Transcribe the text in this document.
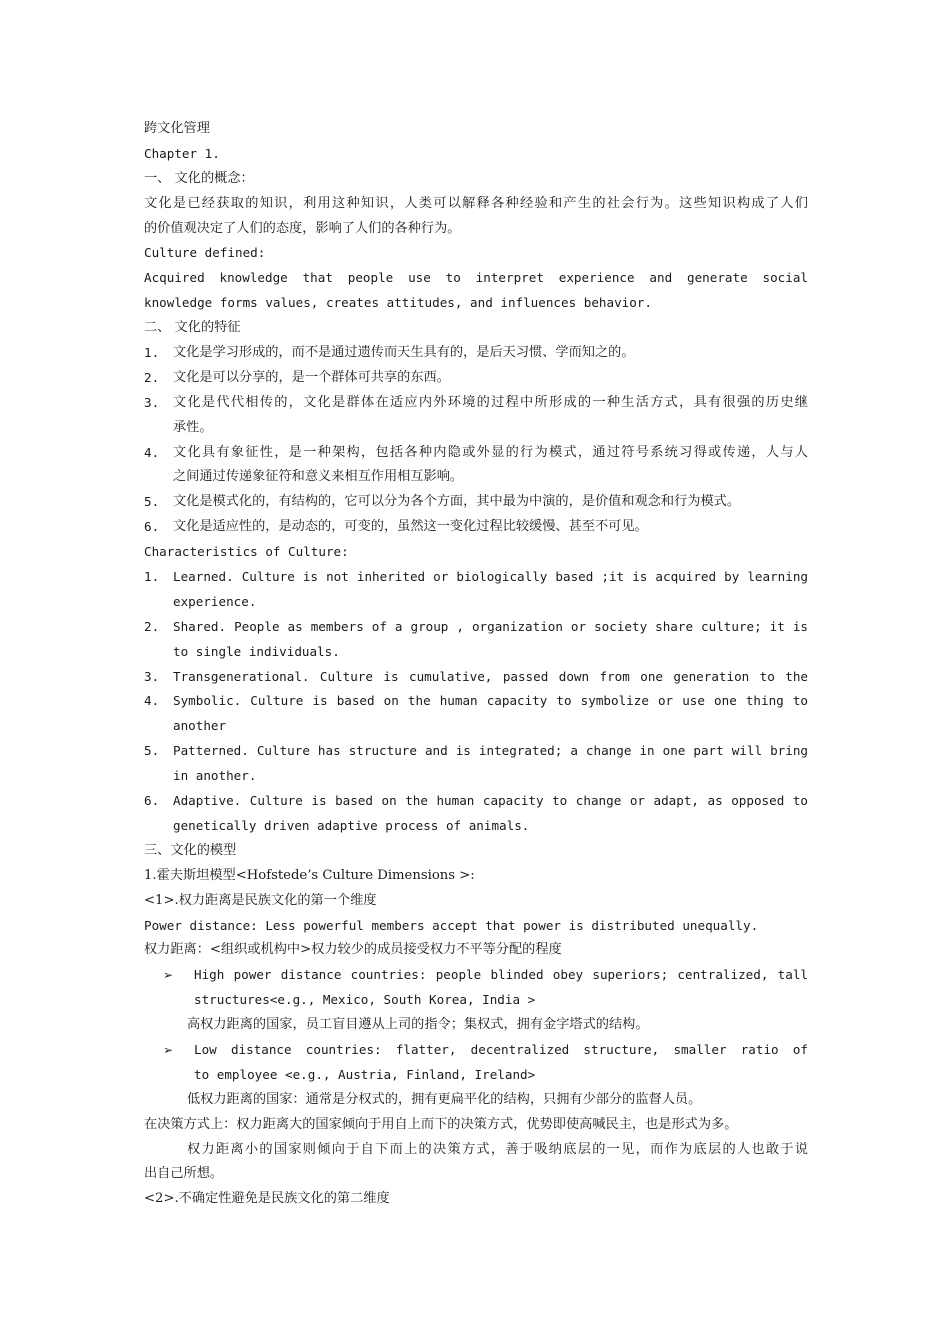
跨文化管理
Chapter 1.
一、 文化的概念：
文化是已经获取的知识，利用这种知识，人类可以解释各种经验和产生的社会行为。这些知识构成了人们
的价值观决定了人们的态度，影响了人们的各种行为。
Culture defined:
Acquired knowledge that people use to interpret experience and generate social
knowledge forms values, creates attitudes, and influences behavior.
二、 文化的特征
1.	文化是学习形成的，而不是通过遗传而天生具有的，是后天习惯、学而知之的。
2.	文化是可以分享的，是一个群体可共享的东西。
3.	文化是代代相传的，文化是群体在适应内外环境的过程中所形成的一种生活方式，具有很强的历史继
承性。
4.	文化具有象征性，是一种架构，包括各种内隐或外显的行为模式，通过符号系统习得或传递，人与人
之间通过传递象征符和意义来相互作用相互影响。
5.	文化是模式化的，有结构的，它可以分为各个方面，其中最为中演的，是价值和观念和行为模式。
6.	文化是适应性的，是动态的，可变的，虽然这一变化过程比较缓慢、甚至不可见。
Characteristics of Culture:
1.	Learned. Culture is not inherited or biologically based ;it is acquired by learning
experience.
2.	Shared. People as members of a group , organization or society share culture; it is
to single individuals.
3.	Transgenerational. Culture is cumulative, passed down from one generation to the
4.	Symbolic. Culture is based on the human capacity to symbolize or use one thing to
another
5.	Patterned. Culture has structure and is integrated; a change in one part will bring
in another.
6.	Adaptive. Culture is based on the human capacity to change or adapt, as opposed to
genetically driven adaptive process of animals.
三、文化的模型
1.霍夫斯坦模型<Hofstede’s Culture Dimensions >:
<1>.权力距离是民族文化的第一个维度
Power distance: Less powerful members accept that power is distributed unequally.
权力距离：<组织或机构中>权力较少的成员接受权力不平等分配的程度
➢	High power distance countries: people blinded obey superiors; centralized, tall
structures<e.g., Mexico, South Korea, India >
高权力距离的国家，员工盲目遵从上司的指令；集权式，拥有金字塔式的结构。
➢	Low distance countries: flatter, decentralized structure, smaller ratio of
to employee <e.g., Austria, Finland, Ireland>
低权力距离的国家：通常是分权式的，拥有更扁平化的结构，只拥有少部分的监督人员。
在决策方式上：权力距离大的国家倾向于用自上而下的决策方式，优势即使高喊民主，也是形式为多。
权力距离小的国家则倾向于自下而上的决策方式，善于吸纳底层的一见，而作为底层的人也敢于说
出自己所想。
<2>.不确定性避免是民族文化的第二维度
